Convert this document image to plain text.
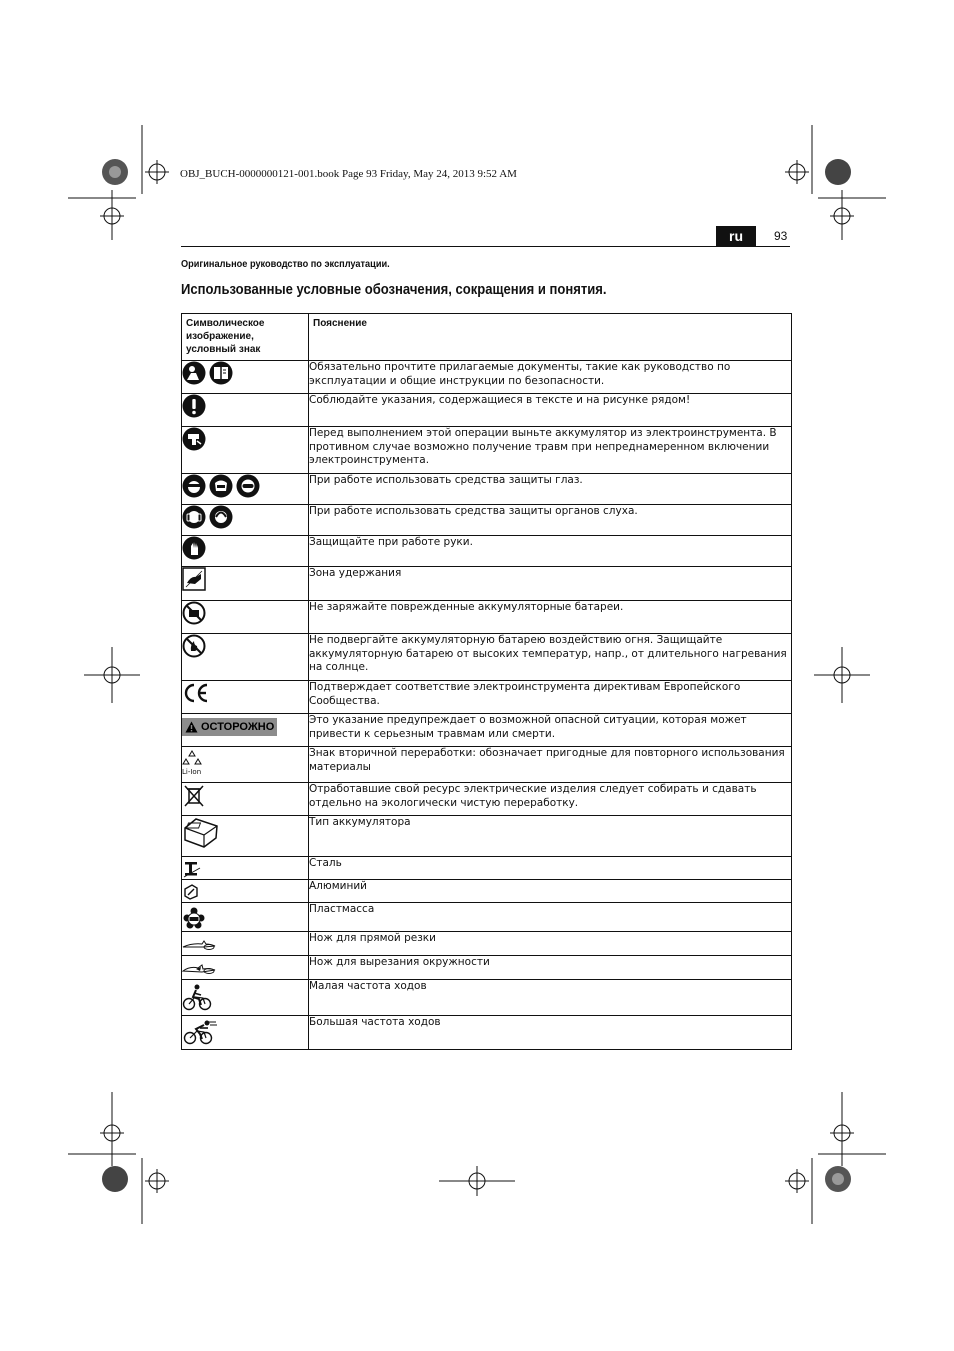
OBJ_BUCH-0000000121-001.book Page 93 Friday, May 24, 2013 9:52 AM
ru	93
Оригинальное руководство по эксплуатации.
Использованные условные обозначения, сокращения и понятия.
Символическое изображение, условный знак	Пояснение
	Обязательно прочтите прилагаемые документы, такие как руководство по эксплуатации и общие инструкции по безопасности.
	Соблюдайте указания, содержащиеся в тексте и на рисунке рядом!
	Перед выполнением этой операции выньте аккумулятор из электроинструмента. В противном случае возможно получение травм при непреднамеренном включении электроинструмента.
	При работе использовать средства защиты глаз.
	При работе использовать средства защиты органов слуха.
	Защищайте при работе руки.
	Зона удержания
	Не заряжайте поврежденные аккумуляторные батареи.
	Не подвергайте аккумуляторную батарею воздействию огня. Защищайте аккумуляторную батарею от высоких температур, напр., от длительного нагревания на солнце.
	Подтверждает соответствие электроинструмента директивам Европейского Сообщества.

ОСТОРОЖНО	Это указание предупреждает о возможной опасной ситуации, которая может привести к серьезным травмам или смерти.

Li-Ion	Знак вторичной переработки: обозначает пригодные для повторного использования материалы
	Отработавшие свой ресурс электрические изделия следует собирать и сдавать отдельно на экологически чистую переработку.
	Тип аккумулятора
	Сталь
	Алюминий
	Пластмасса
	Нож для прямой резки
	Нож для вырезания окружности
	Малая частота ходов
	Большая частота ходов
